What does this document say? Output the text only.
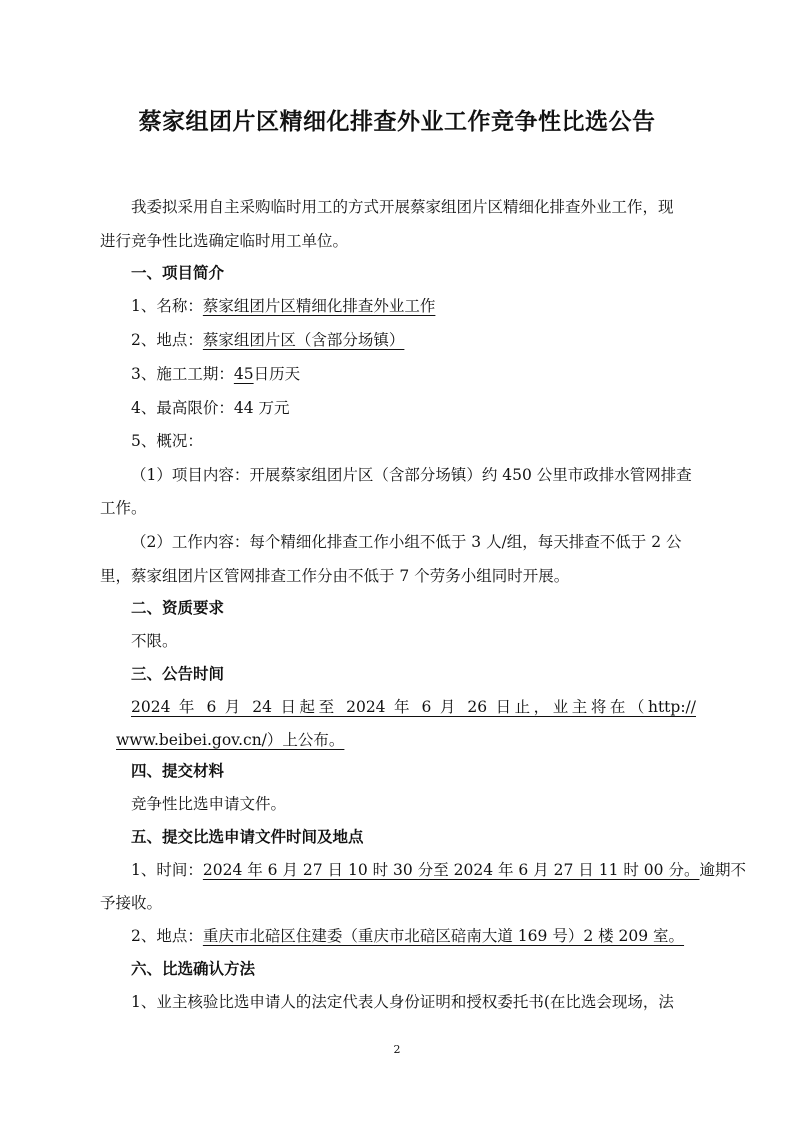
蔡家组团片区精细化排查外业工作竞争性比选公告
我委拟采用自主采购临时用工的方式开展蔡家组团片区精细化排查外业工作，现
进行竞争性比选确定临时用工单位。
一、项目简介
1、名称：蔡家组团片区精细化排查外业工作
2、地点：蔡家组团片区（含部分场镇）
3、施工工期：45日历天
4、最高限价：44 万元
5、概况：
（1）项目内容：开展蔡家组团片区（含部分场镇）约 450 公里市政排水管网排查
工作。
（2）工作内容：每个精细化排查工作小组不低于 3 人/组，每天排查不低于 2 公
里，蔡家组团片区管网排查工作分由不低于 7 个劳务小组同时开展。
二、资质要求
不限。
三、公告时间
2024 年 6 月 24 日起至 2024 年 6 月 26 日止，业主将在（http://
www.beibei.gov.cn/）上公布。
四、提交材料
竞争性比选申请文件。
五、提交比选申请文件时间及地点
1、时间：2024 年 6 月 27 日 10 时 30 分至 2024 年 6 月 27 日 11 时 00 分。逾期不
予接收。
2、地点：重庆市北碚区住建委（重庆市北碚区碚南大道 169 号）2 楼 209 室。
六、比选确认方法
1、业主核验比选申请人的法定代表人身份证明和授权委托书(在比选会现场，法
2
